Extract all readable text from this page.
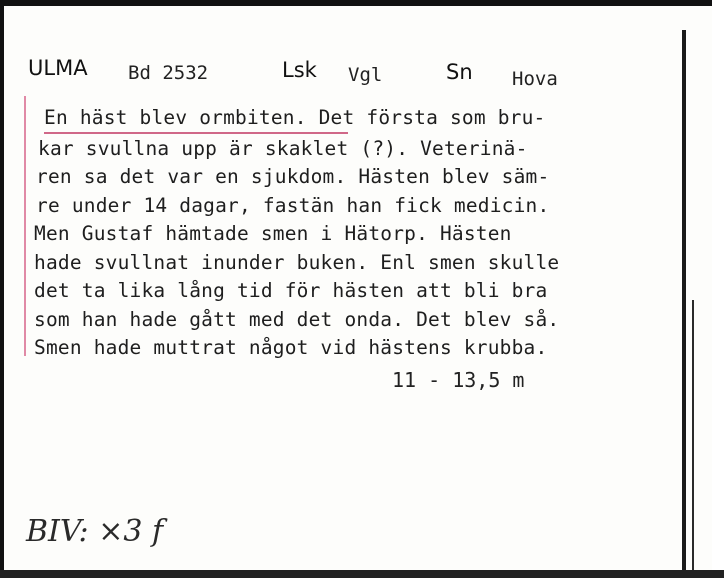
ULMA Bd 2532	Lsk Vgl	Sn Hova
En häst blev ormbiten. Det första som bru-
kar svullna upp är skaklet (?). Veterinä-
ren sa det var en sjukdom. Hästen blev säm-
re under 14 dagar, fastän han fick medicin.
Men Gustaf hämtade smen i Hätorp. Hästen
hade svullnat inunder buken. Enl smen skulle
det ta lika lång tid för hästen att bli bra
som han hade gått med det onda. Det blev så.
Smen hade muttrat något vid hästens krubba.
11 - 13,5 m
BIV: ×3 f
